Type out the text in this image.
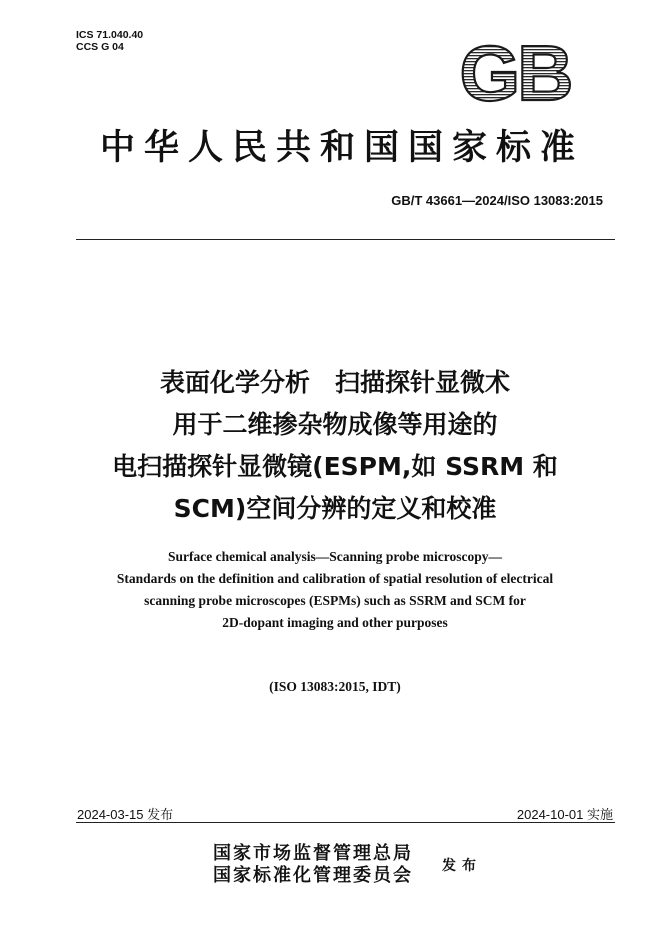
ICS 71.040.40
CCS G 04	GB
中华人民共和国国家标准
GB/T 43661—2024/ISO 13083:2015
表面化学分析　扫描探针显微术
用于二维掺杂物成像等用途的
电扫描探针显微镜(ESPM,如 SSRM 和
SCM)空间分辨的定义和校准
Surface chemical analysis—Scanning probe microscopy—
Standards on the definition and calibration of spatial resolution of electrical
scanning probe microscopes (ESPMs) such as SSRM and SCM for
2D-dopant imaging and other purposes
(ISO 13083:2015, IDT)
2024-03-15 发布	2024-10-01 实施
国家市场监督管理总局
国家标准化管理委员会 发布
